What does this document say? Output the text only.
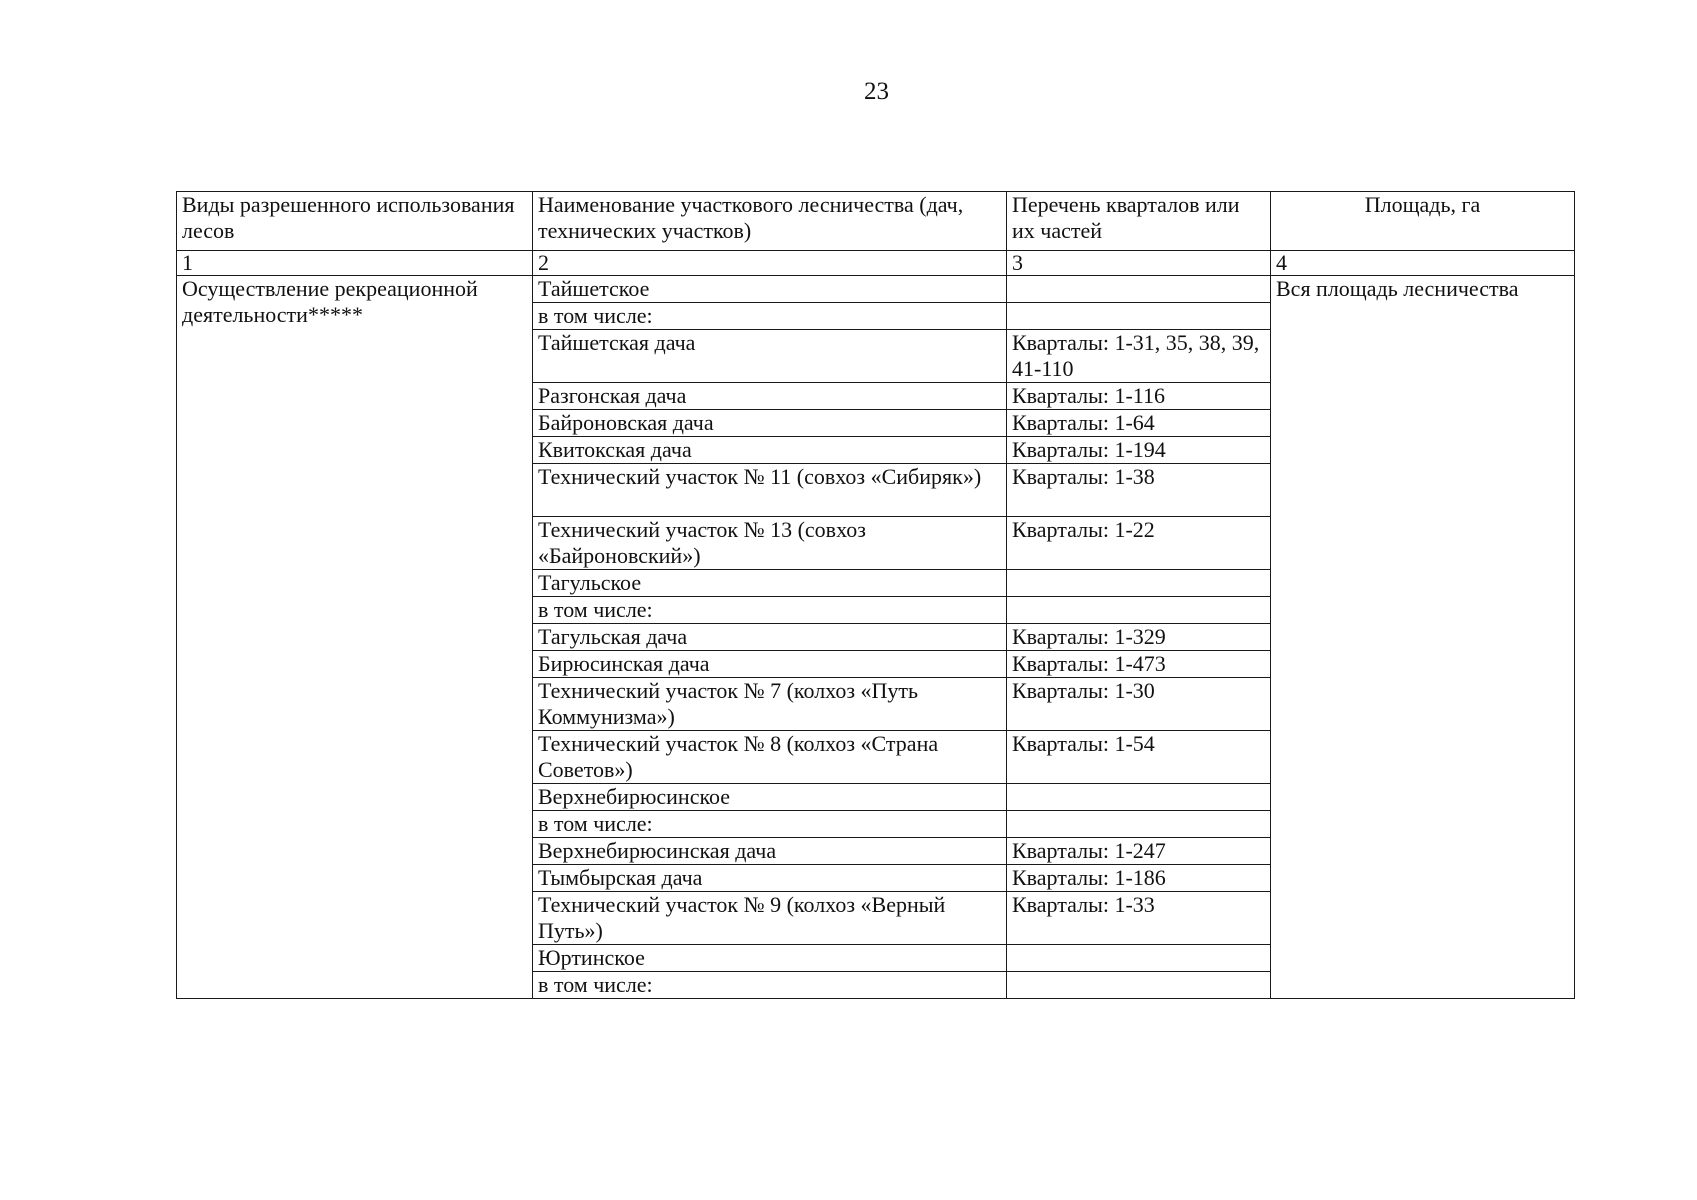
23
Виды разрешенного использования лесов	Наименование участкового лесничества (дач, технических участков)	Перечень кварталов или их частей	Площадь, га
1	2	3	4
Осуществление рекреационной деятельности*****	Тайшетское		Вся площадь лесничества
	в том числе:		
	Тайшетская дача	Кварталы: 1-31, 35, 38, 39, 41-110	
	Разгонская дача	Кварталы: 1-116	
	Байроновская дача	Кварталы: 1-64	
	Квитокская дача	Кварталы: 1-194	
	Технический участок № 11 (совхоз «Сибиряк»)	Кварталы: 1-38	
	Технический участок № 13 (совхоз «Байроновский»)	Кварталы: 1-22	
	Тагульское		
	в том числе:		
	Тагульская дача	Кварталы: 1-329	
	Бирюсинская дача	Кварталы: 1-473	
	Технический участок № 7 (колхоз «Путь Коммунизма»)	Кварталы: 1-30	
	Технический участок № 8 (колхоз «Страна Советов»)	Кварталы: 1-54	
	Верхнебирюсинское		
	в том числе:		
	Верхнебирюсинская дача	Кварталы: 1-247	
	Тымбырская дача	Кварталы: 1-186	
	Технический участок № 9 (колхоз «Верный Путь»)	Кварталы: 1-33	
	Юртинское		
	в том числе:		
